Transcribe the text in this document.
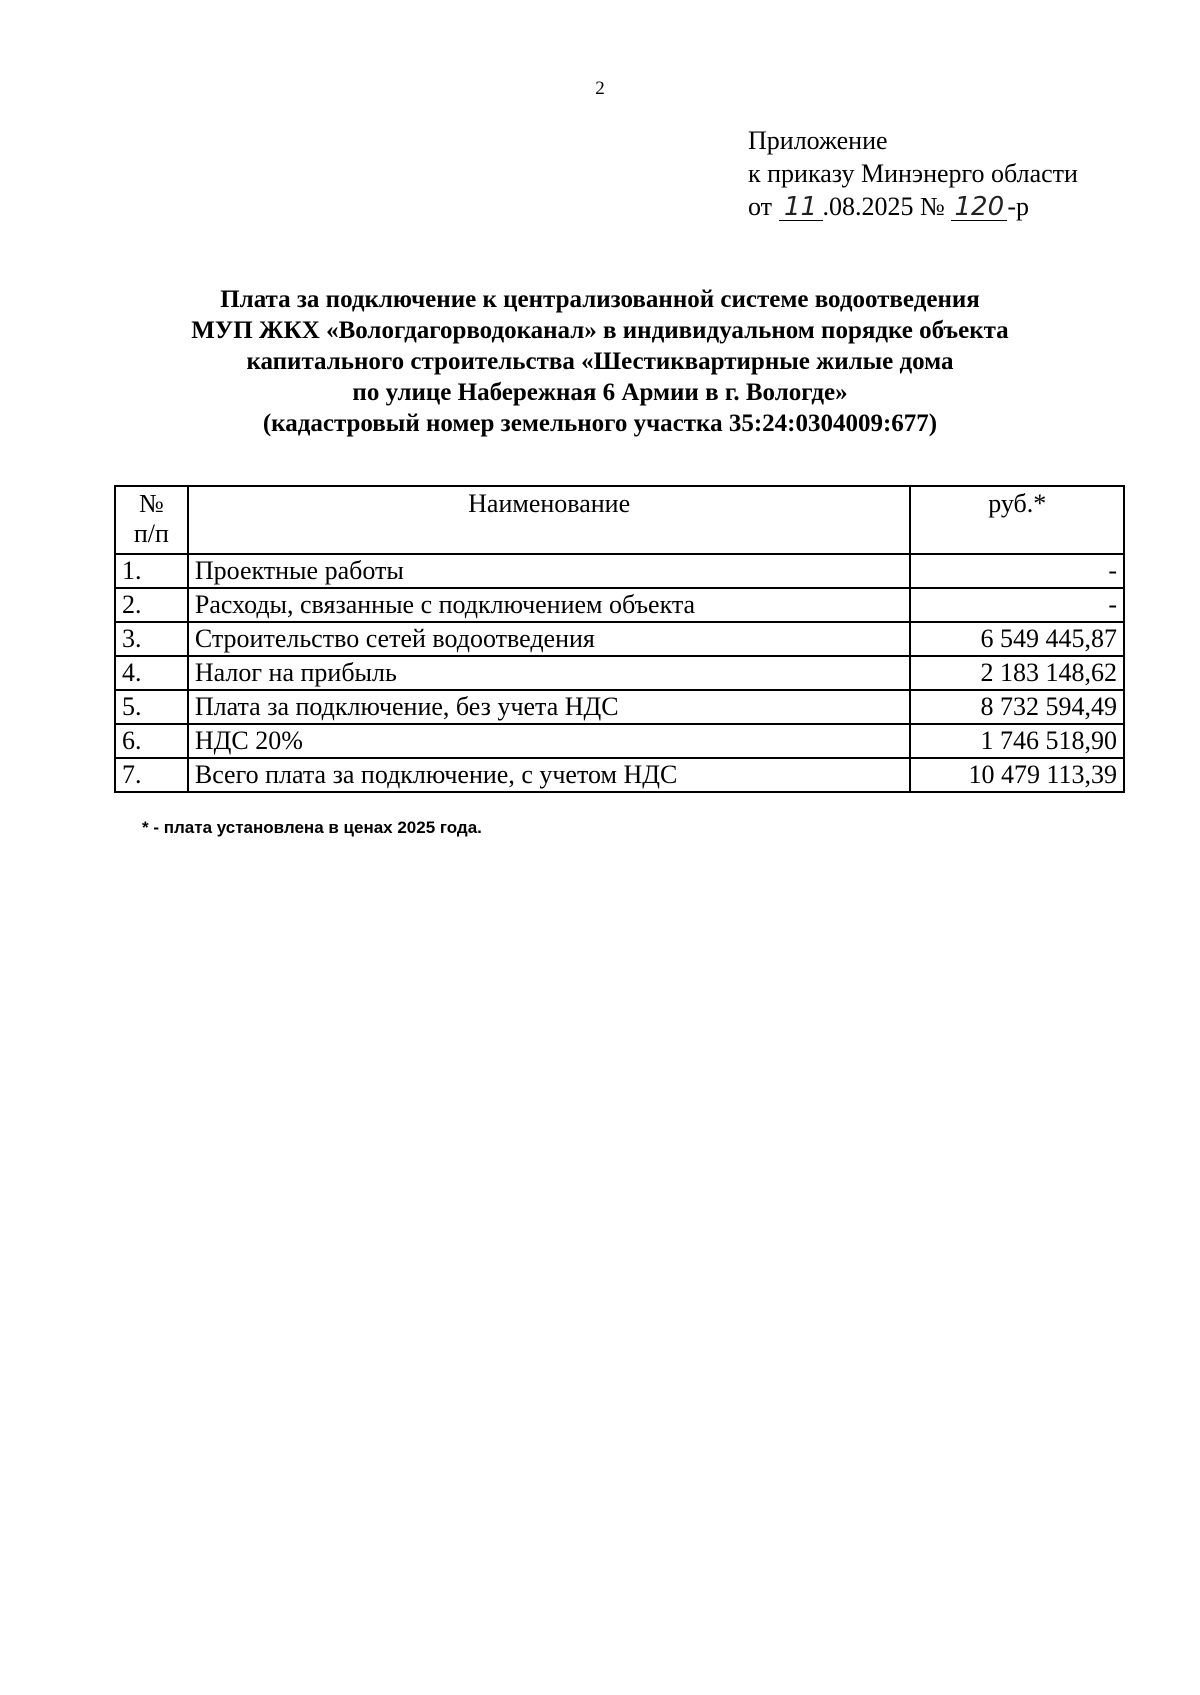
2
Приложение
к приказу Минэнерго области
от 11 .08.2025 № 120 -р
Плата за подключение к централизованной системе водоотведения
МУП ЖКХ «Вологдагорводоканал» в индивидуальном порядке объекта
капитального строительства «Шестиквартирные жилые дома
по улице Набережная 6 Армии в г. Вологде»
(кадастровый номер земельного участка 35:24:0304009:677)
№
п/п	Наименование	руб.*
1.	Проектные работы	-
2.	Расходы, связанные с подключением объекта	-
3.	Строительство сетей водоотведения	6 549 445,87
4.	Налог на прибыль	2 183 148,62
5.	Плата за подключение, без учета НДС	8 732 594,49
6.	НДС 20%	1 746 518,90
7.	Всего плата за подключение, с учетом НДС	10 479 113,39
* - плата установлена в ценах 2025 года.
